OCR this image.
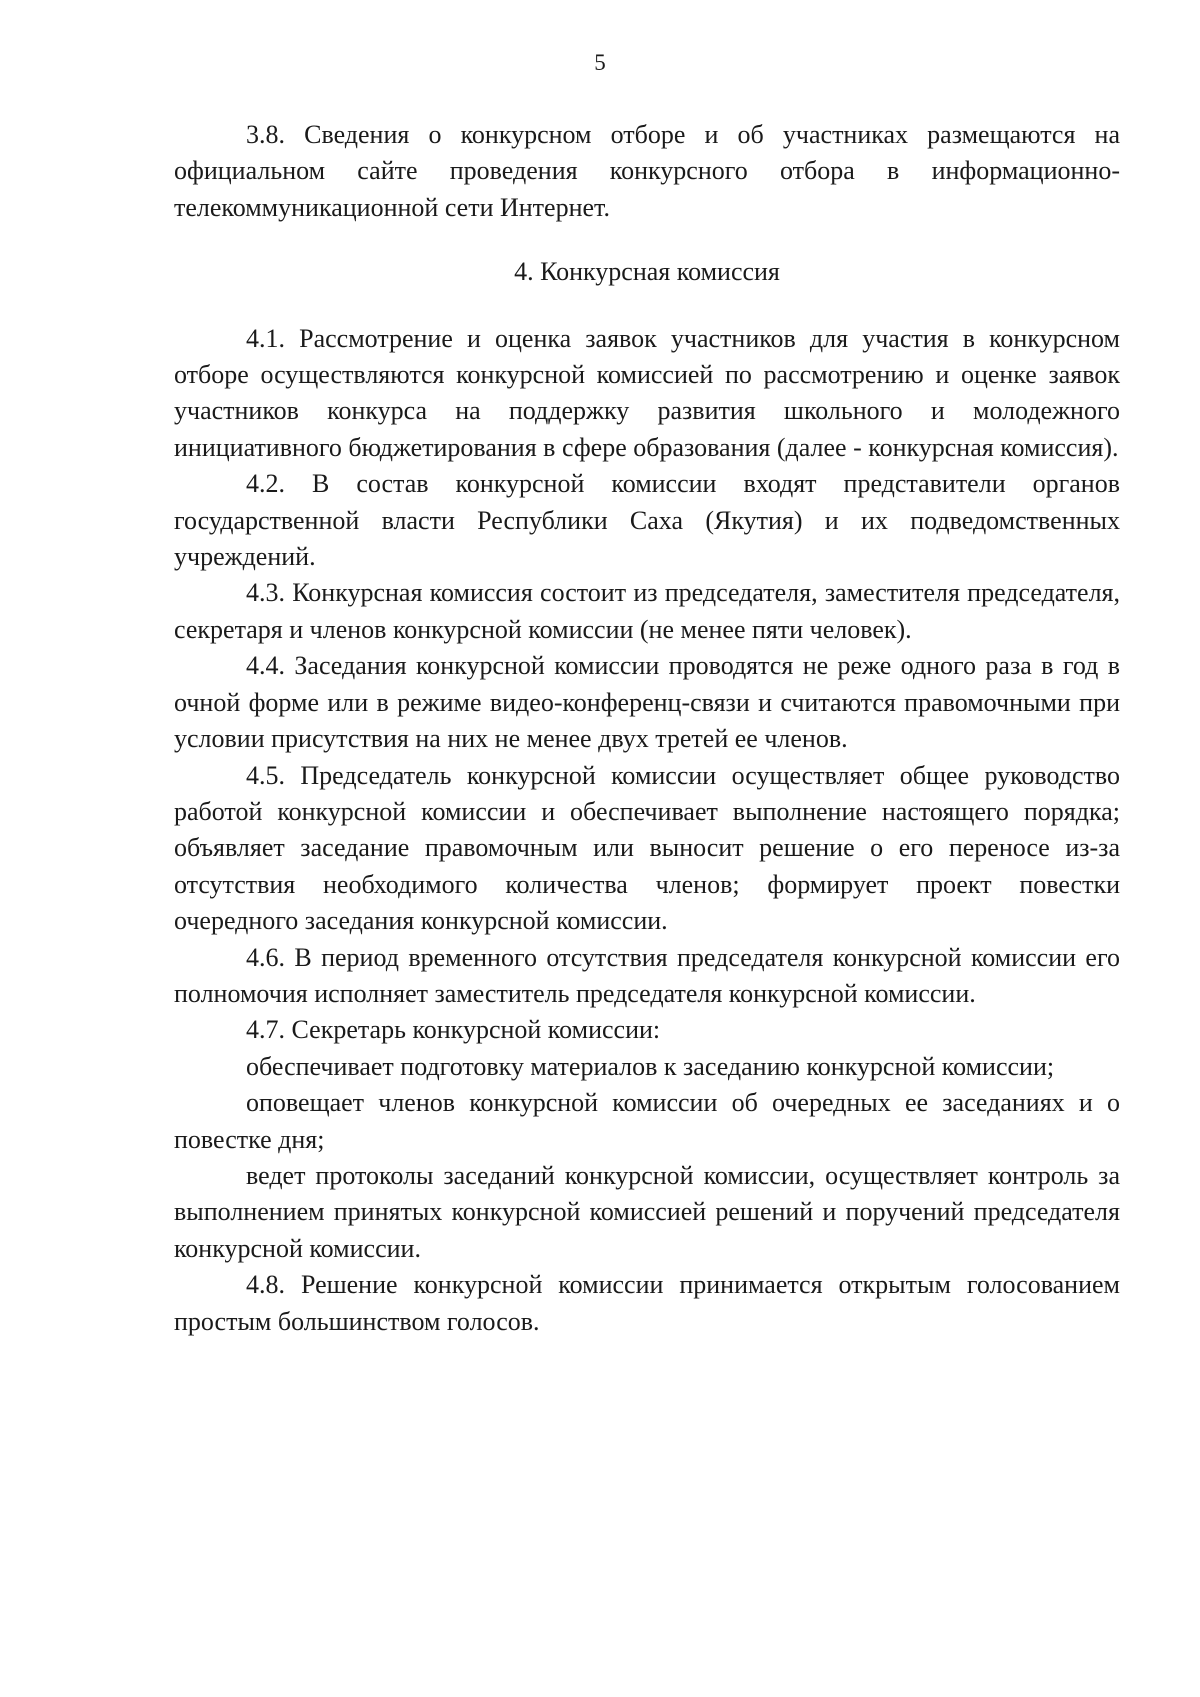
5

3.8. Сведения о конкурсном отборе и об участниках размещаются на официальном сайте проведения конкурсного отбора в информационно-телекоммуникационной сети Интернет.

4. Конкурсная комиссия

4.1. Рассмотрение и оценка заявок участников для участия в конкурсном отборе осуществляются конкурсной комиссией по рассмотрению и оценке заявок участников конкурса на поддержку развития школьного и молодежного инициативного бюджетирования в сфере образования (далее - конкурсная комиссия).

4.2. В состав конкурсной комиссии входят представители органов государственной власти Республики Саха (Якутия) и их подведомственных учреждений.

4.3. Конкурсная комиссия состоит из председателя, заместителя председателя, секретаря и членов конкурсной комиссии (не менее пяти человек).

4.4. Заседания конкурсной комиссии проводятся не реже одного раза в год в очной форме или в режиме видео-конференц-связи и считаются правомочными при условии присутствия на них не менее двух третей ее членов.

4.5. Председатель конкурсной комиссии осуществляет общее руководство работой конкурсной комиссии и обеспечивает выполнение настоящего порядка; объявляет заседание правомочным или выносит решение о его переносе из-за отсутствия необходимого количества членов; формирует проект повестки очередного заседания конкурсной комиссии.

4.6. В период временного отсутствия председателя конкурсной комиссии его полномочия исполняет заместитель председателя конкурсной комиссии.

4.7. Секретарь конкурсной комиссии:

обеспечивает подготовку материалов к заседанию конкурсной комиссии;

оповещает членов конкурсной комиссии об очередных ее заседаниях и о повестке дня;

ведет протоколы заседаний конкурсной комиссии, осуществляет контроль за выполнением принятых конкурсной комиссией решений и поручений председателя конкурсной комиссии.

4.8. Решение конкурсной комиссии принимается открытым голосованием простым большинством голосов.
